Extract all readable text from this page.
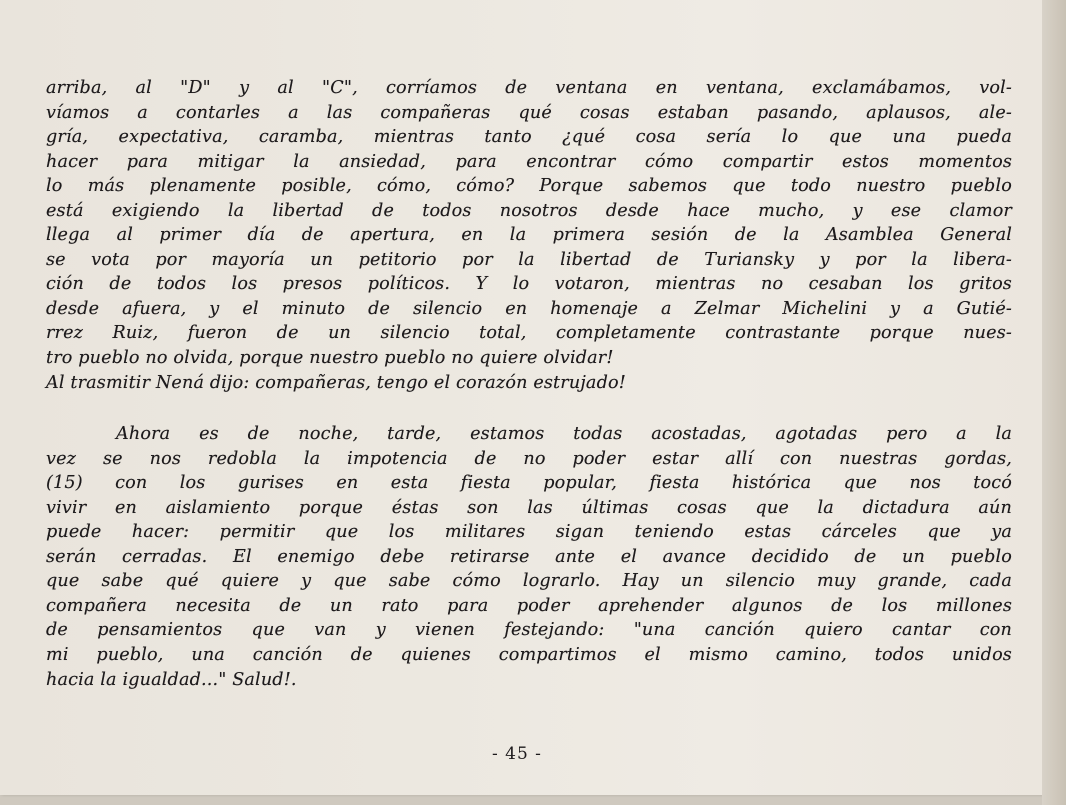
arriba, al "D" y al "C", corríamos de ventana en ventana, exclamábamos, vol-
víamos a contarles a las compañeras qué cosas estaban pasando, aplausos, ale-
gría, expectativa, caramba, mientras tanto ¿qué cosa sería lo que una pueda
hacer para mitigar la ansiedad, para encontrar cómo compartir estos momentos
lo más plenamente posible, cómo, cómo? Porque sabemos que todo nuestro pueblo
está exigiendo la libertad de todos nosotros desde hace mucho, y ese clamor
llega al primer día de apertura, en la primera sesión de la Asamblea General
se vota por mayoría un petitorio por la libertad de Turiansky y por la libera-
ción de todos los presos políticos. Y lo votaron, mientras no cesaban los gritos
desde afuera, y el minuto de silencio en homenaje a Zelmar Michelini y a Gutié-
rrez Ruiz, fueron de un silencio total, completamente contrastante porque nues-
tro pueblo no olvida, porque nuestro pueblo no quiere olvidar!
Al trasmitir Nená dijo: compañeras, tengo el corazón estrujado!
Ahora es de noche, tarde, estamos todas acostadas, agotadas pero a la
vez se nos redobla la impotencia de no poder estar allí con nuestras gordas,
(15) con los gurises en esta fiesta popular, fiesta histórica que nos tocó
vivir en aislamiento porque éstas son las últimas cosas que la dictadura aún
puede hacer: permitir que los militares sigan teniendo estas cárceles que ya
serán cerradas. El enemigo debe retirarse ante el avance decidido de un pueblo
que sabe qué quiere y que sabe cómo lograrlo. Hay un silencio muy grande, cada
compañera necesita de un rato para poder aprehender algunos de los millones
de pensamientos que van y vienen festejando: "una canción quiero cantar con
mi pueblo, una canción de quienes compartimos el mismo camino, todos unidos
hacia la igualdad..." Salud!.
- 45 -
